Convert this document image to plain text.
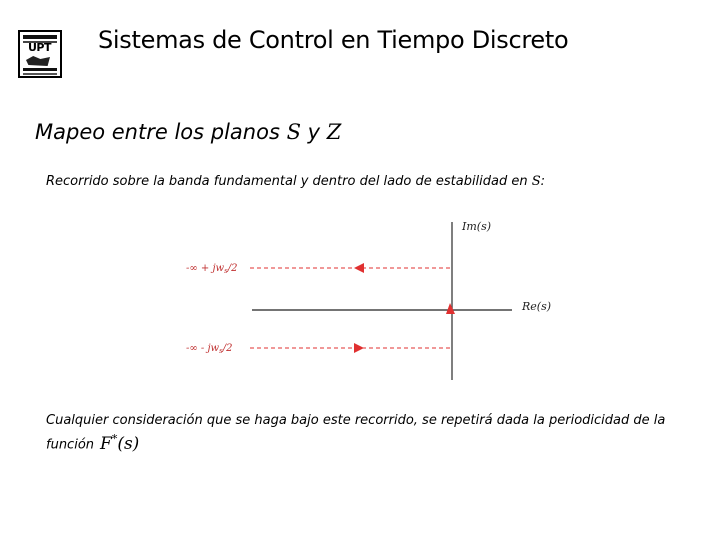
UPT Sistemas de Control en Tiempo Discreto
Mapeo entre los planos S y Z
Recorrido sobre la banda fundamental y dentro del lado de estabilidad en S:
Im(s)
Re(s)
-∞ + $jw_s/2$
-∞ - $jw_s/2$
Cualquier consideración que se haga bajo este recorrido, se repetirá dada la periodicidad de la función F*(s)
